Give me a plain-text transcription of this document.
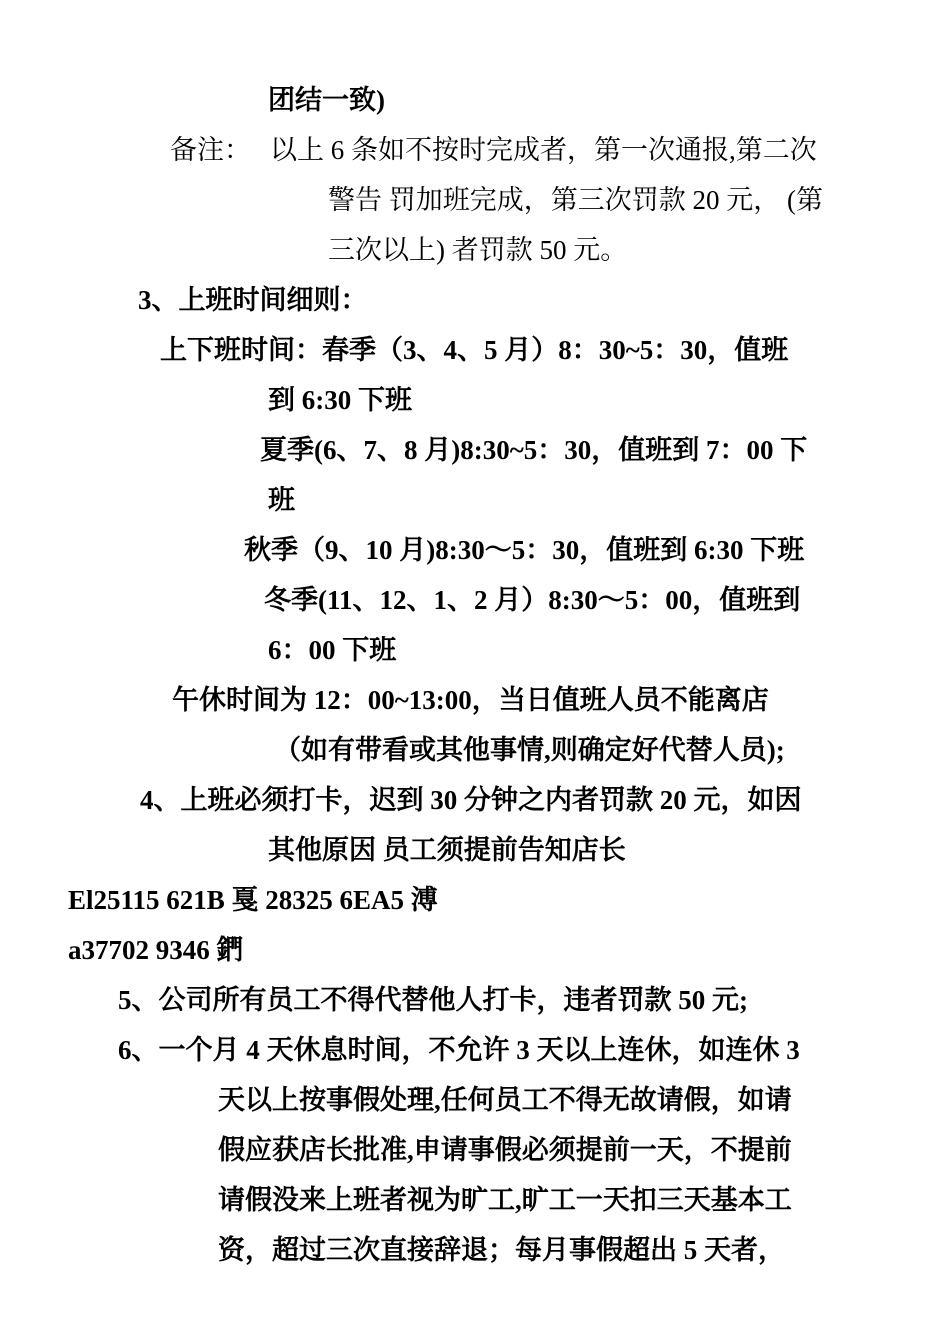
团结一致)
备注： 以上 6 条如不按时完成者，第一次通报,第二次
警告 罚加班完成，第三次罚款 20 元， (第
三次以上) 者罚款 50 元。
3、上班时间细则：
上下班时间：春季（3、4、5 月）8：30~5：30，值班
到 6:30 下班
夏季(6、7、8 月)8:30~5：30，值班到 7：00 下
班
秋季（9、10 月)8:30～5：30，值班到 6:30 下班
冬季(11、12、1、2 月）8:30～5：00，值班到
6：00 下班
午休时间为 12：00~13:00，当日值班人员不能离店
（如有带看或其他事情,则确定好代替人员);
4、上班必须打卡，迟到 30 分钟之内者罚款 20 元，如因
其他原因 员工须提前告知店长
El25115 621B 戛 28325 6EA5 溥
a37702 9346 鍆
5、公司所有员工不得代替他人打卡，违者罚款 50 元;
6、一个月 4 天休息时间，不允许 3 天以上连休，如连休 3
天以上按事假处理,任何员工不得无故请假，如请
假应获店长批准,申请事假必须提前一天，不提前
请假没来上班者视为旷工,旷工一天扣三天基本工
资，超过三次直接辞退；每月事假超出 5 天者，
